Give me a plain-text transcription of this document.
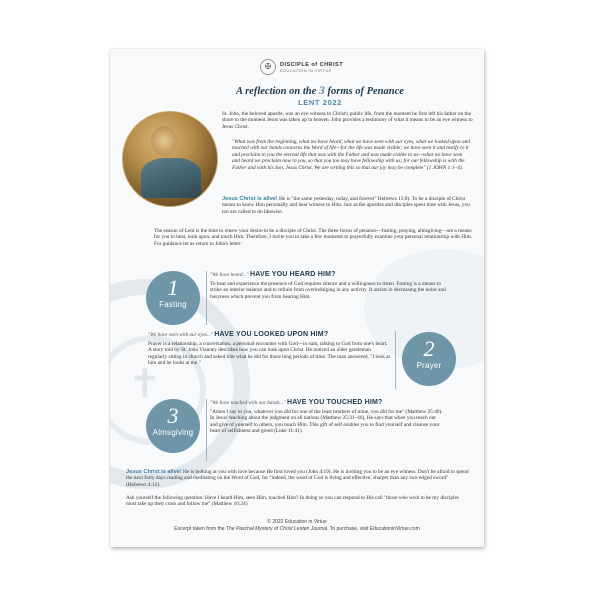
✝
✠	DISCIPLE of CHRIST
EDUCATION IN VIRTUE
A reflection on the 3 forms of Penance
LENT 2022
St. John, the beloved apostle, was an eye witness to Christ's public life, from the moment he first left his father on the shore to the moment Jesus was taken up to heaven. John provides a testimony of what it means to be an eye witness to Jesus Christ.
"What was from the beginning, what we have heard, what we have seen with our eyes, what we looked upon and touched with our hands concerns the Word of life—for the life was made visible; we have seen it and testify to it and proclaim to you the eternal life that was with the Father and was made visible to us—what we have seen and heard we proclaim now to you, so that you too may have fellowship with us; for our fellowship is with the Father and with his Son, Jesus Christ. We are writing this so that our joy may be complete" (1 JOHN 1:1–4).
Jesus Christ is alive! He is "the same yesterday, today, and forever" Hebrews 13:8). To be a disciple of Christ means to know Him personally and hear witness to Him. Just as the apostles and disciples spent time with Jesus, you too are called to do likewise.
The season of Lent is the time to renew your desire to be a disciple of Christ. The three forms of penance—fasting, praying, almsgiving—are a means for you to hear, look upon, and touch Him. Therefore, I invite you to take a few moments to prayerfully examine your personal relationship with Him. For guidance let us return to John's letter:
1
Fasting
"We have heard..." HAVE YOU HEARD HIM?
To hear and experience the presence of God requires silence and a willingness to listen. Fasting is a means to strike an interior balance and to refrain from overindulging in any activity. It assists in decreasing the noise and busyness which prevent you from hearing Him.
"We have seen with our eyes..." HAVE YOU LOOKED UPON HIM?
Prayer is a relationship, a conversation, a personal encounter with God—in sum, talking to God from one's heart. A story told by St. John Vianney describes how you can look upon Christ. He noticed an older gentleman regularly sitting in church and asked him what he did for those long periods of time. The man answered, "I look at him and he looks at me."
2
Prayer
3
Almsgiving
"We have touched with our hands..." HAVE YOU TOUCHED HIM?
"Amen I say to you, whatever you did for one of the least brothers of mine, you did for me" (Matthew 25:40). In Jesus' teaching about the judgment on all nations (Matthew 25:31–46), He says that when you reach out and give of yourself to others, you touch Him. This gift of self enables you to find yourself and cleanse your heart of selfishness and greed (Luke 11:41).
Jesus Christ is alive! He is looking at you with love because He first loved you (John 4:19). He is inviting you to be an eye witness. Don't be afraid to spend the next forty days reading and meditating on the Word of God, for "indeed, the word of God is living and effective, sharper than any two-edged sword" (Hebrews 4:12).
Ask yourself the following question: Have I heard Him, seen Him, touched Him? In doing so you can respond to His call "those who wish to be my disciples must take up their cross and follow me" (Matthew 16:24)
© 2022 Education in Virtue
Excerpt taken from the The Paschal Mystery of Christ Lenten Journal. To purchase, visit EducationinVirtue.com
